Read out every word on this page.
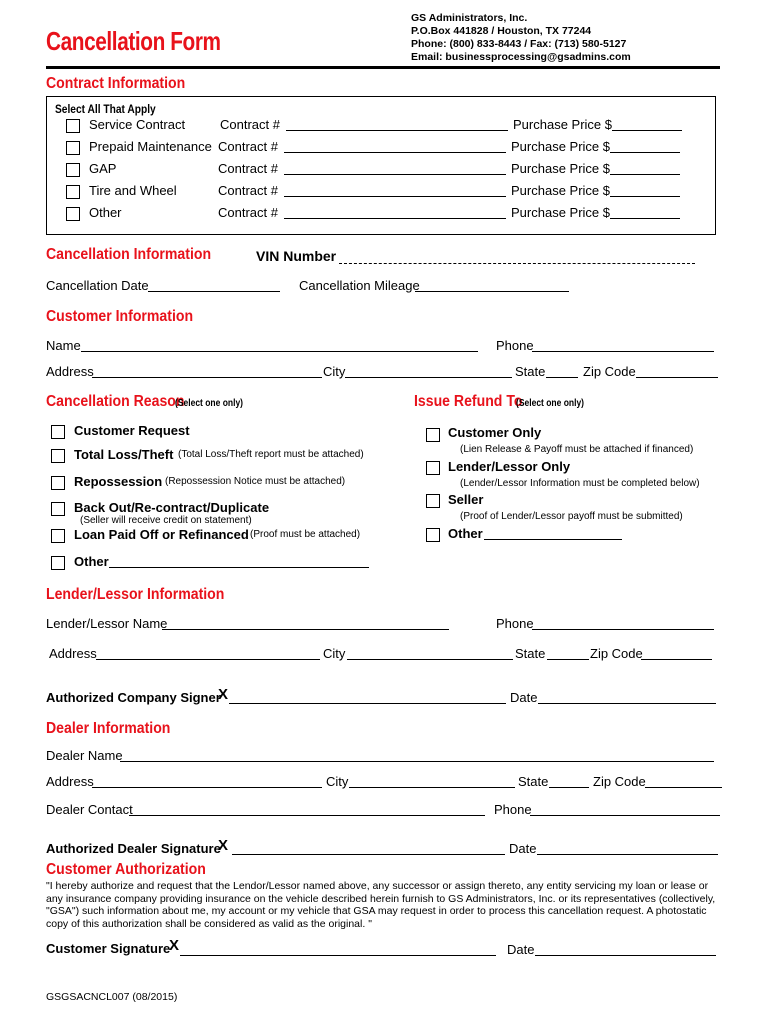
Cancellation Form
GS Administrators, Inc.
P.O.Box 441828 / Houston, TX 77244
Phone: (800) 833-8443 / Fax: (713) 580-5127
Email: businessprocessing@gsadmins.com
Contract Information
Select All That Apply
Service Contract	Contract #	Purchase Price $
Prepaid Maintenance Contract #	Purchase Price $
GAP	Contract #	Purchase Price $
Tire and Wheel	Contract #	Purchase Price $
Other	Contract #	Purchase Price $
Cancellation Information	VIN Number
Cancellation Date	Cancellation Mileage
Customer Information
Name	Phone
Address	City	State	Zip Code
Cancellation Reason
(Select one only)
Customer Request
Total Loss/Theft (Total Loss/Theft report must be attached)
Repossession (Repossession Notice must be attached)
Back Out/Re-contract/Duplicate
(Seller will receive credit on statement)
Loan Paid Off or Refinanced (Proof must be attached)
Other
Issue Refund To
(Select one only)
Customer Only
(Lien Release & Payoff must be attached if financed)
Lender/Lessor Only
(Lender/Lessor Information must be completed below)
Seller
(Proof of Lender/Lessor payoff must be submitted)
Other
Lender/Lessor Information
Lender/Lessor Name	Phone
Address	City	State	Zip Code
Authorized Company Signer
X	Date
Dealer Information
Dealer Name
Address	City	State	Zip Code
Dealer Contact	Phone
Authorized Dealer Signature
X	Date
Customer Authorization
"I hereby authorize and request that the Lendor/Lessor named above, any successor or assign thereto, any entity servicing my loan or lease or any insurance company providing insurance on the vehicle described herein furnish to GS Administrators, Inc. or its representatives (collectively, "GSA") such information about me, my account or my vehicle that GSA may request in order to process this cancellation request. A photostatic copy of this authorization shall be considered as valid as the original. "
Customer Signature
X	Date
GSGSACNCL007 (08/2015)
